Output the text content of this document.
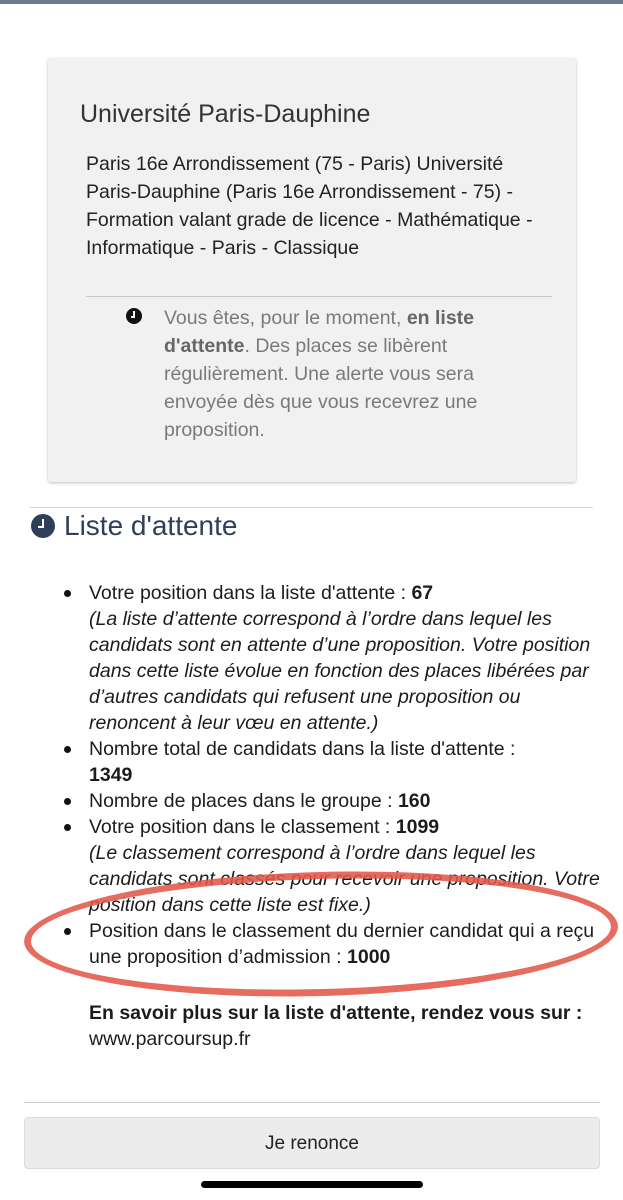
Université Paris-Dauphine
Paris 16e Arrondissement (75 - Paris) Université Paris-Dauphine (Paris 16e Arrondissement - 75) - Formation valant grade de licence - Mathématique - Informatique - Paris - Classique
Vous êtes, pour le moment, en liste d'attente. Des places se libèrent régulièrement. Une alerte vous sera envoyée dès que vous recevrez une proposition.
Liste d'attente
Votre position dans la liste d'attente : 67
(La liste d’attente correspond à l’ordre dans lequel les candidats sont en attente d’une proposition. Votre position dans cette liste évolue en fonction des places libérées par d’autres candidats qui refusent une proposition ou renoncent à leur vœu en attente.)
Nombre total de candidats dans la liste d'attente :
1349
Nombre de places dans le groupe : 160
Votre position dans le classement : 1099
(Le classement correspond à l’ordre dans lequel les candidats sont classés pour recevoir une proposition. Votre position dans cette liste est fixe.)
Position dans le classement du dernier candidat qui a reçu une proposition d’admission : 1000
En savoir plus sur la liste d'attente, rendez vous sur : www.parcoursup.fr
Je renonce
